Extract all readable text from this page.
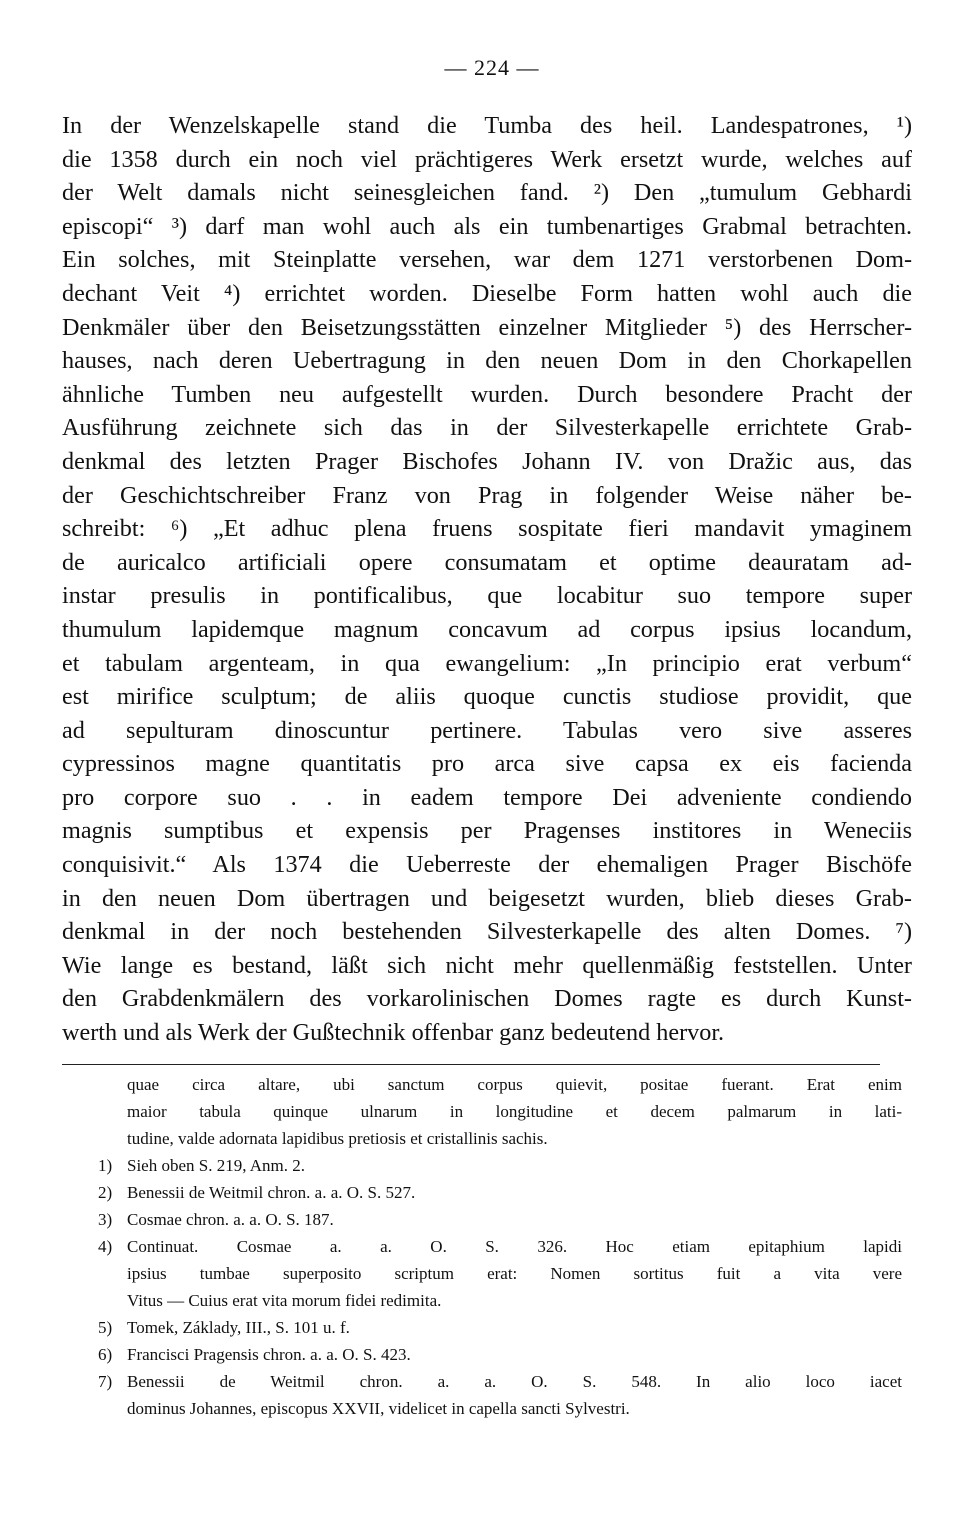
— 224 —
In der Wenzelskapelle stand die Tumba des heil. Landespatrones, ¹)
die 1358 durch ein noch viel prächtigeres Werk ersetzt wurde, welches auf
der Welt damals nicht seinesgleichen fand. ²) Den „tumulum Gebhardi
episcopi“ ³) darf man wohl auch als ein tumbenartiges Grabmal betrachten.
Ein solches, mit Steinplatte versehen, war dem 1271 verstorbenen Dom-
dechant Veit ⁴) errichtet worden. Dieselbe Form hatten wohl auch die
Denkmäler über den Beisetzungsstätten einzelner Mitglieder ⁵) des Herrscher-
hauses, nach deren Uebertragung in den neuen Dom in den Chorkapellen
ähnliche Tumben neu aufgestellt wurden. Durch besondere Pracht der
Ausführung zeichnete sich das in der Silvesterkapelle errichtete Grab-
denkmal des letzten Prager Bischofes Johann IV. von Dražic aus, das
der Geschichtschreiber Franz von Prag in folgender Weise näher be-
schreibt: ⁶) „Et adhuc plena fruens sospitate fieri mandavit ymaginem
de auricalco artificiali opere consumatam et optime deauratam ad-
instar presulis in pontificalibus, que locabitur suo tempore super
thumulum lapidemque magnum concavum ad corpus ipsius locandum,
et tabulam argenteam, in qua ewangelium: „In principio erat verbum“
est mirifice sculptum; de aliis quoque cunctis studiose providit, que
ad sepulturam dinoscuntur pertinere. Tabulas vero sive asseres
cypressinos magne quantitatis pro arca sive capsa ex eis facienda
pro corpore suo . . in eadem tempore Dei adveniente condiendo
magnis sumptibus et expensis per Pragenses institores in Weneciis
conquisivit.“ Als 1374 die Ueberreste der ehemaligen Prager Bischöfe
in den neuen Dom übertragen und beigesetzt wurden, blieb dieses Grab-
denkmal in der noch bestehenden Silvesterkapelle des alten Domes. ⁷)
Wie lange es bestand, läßt sich nicht mehr quellenmäßig feststellen. Unter
den Grabdenkmälern des vorkarolinischen Domes ragte es durch Kunst-
werth und als Werk der Gußtechnik offenbar ganz bedeutend hervor.
quae circa altare, ubi sanctum corpus quievit, positae fuerant. Erat enim
maior tabula quinque ulnarum in longitudine et decem palmarum in lati-
tudine, valde adornata lapidibus pretiosis et cristallinis sachis.
1) Sieh oben S. 219, Anm. 2.
2) Benessii de Weitmil chron. a. a. O. S. 527.
3) Cosmae chron. a. a. O. S. 187.
4) Continuat. Cosmae a. a. O. S. 326. Hoc etiam epitaphium lapidi
ipsius tumbae superposito scriptum erat: Nomen sortitus fuit a vita vere
Vitus — Cuius erat vita morum fidei redimita.
5) Tomek, Základy, III., S. 101 u. f.
6) Francisci Pragensis chron. a. a. O. S. 423.
7) Benessii de Weitmil chron. a. a. O. S. 548. In alio loco iacet
dominus Johannes, episcopus XXVII, videlicet in capella sancti Sylvestri.
